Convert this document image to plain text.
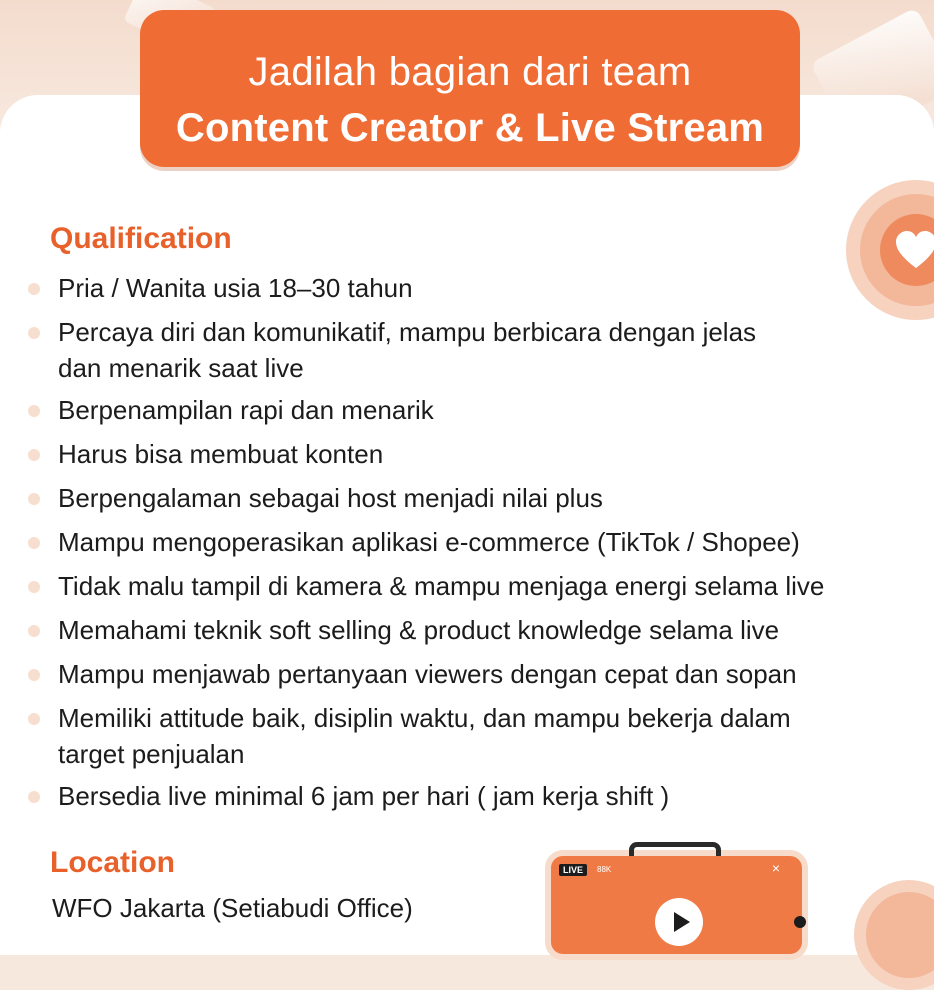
Jadilah bagian dari team
Content Creator & Live Stream
Qualification
Pria / Wanita usia 18–30 tahun
Percaya diri dan komunikatif, mampu berbicara dengan jelas
dan menarik saat live
Berpenampilan rapi dan menarik
Harus bisa membuat konten
Berpengalaman sebagai host menjadi nilai plus
Mampu mengoperasikan aplikasi e-commerce (TikTok / Shopee)
Tidak malu tampil di kamera & mampu menjaga energi selama live
Memahami teknik soft selling & product knowledge selama live
Mampu menjawab pertanyaan viewers dengan cepat dan sopan
Memiliki attitude baik, disiplin waktu, dan mampu bekerja dalam
target penjualan
Bersedia live minimal 6 jam per hari ( jam kerja shift )
Location
WFO Jakarta (Setiabudi Office)
LIVE	88K	×
